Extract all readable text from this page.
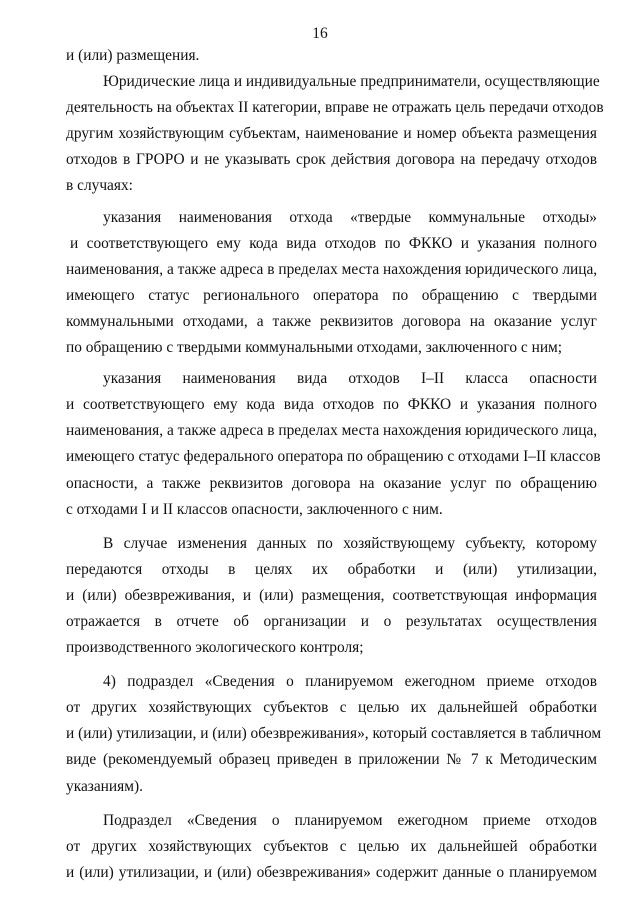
16
и (или) размещения.
Юридические лица и индивидуальные предприниматели, осуществляющие
деятельность на объектах II категории, вправе не отражать цель передачи отходов
другим хозяйствующим субъектам, наименование и номер объекта размещения
отходов в ГРОРО и не указывать срок действия договора на передачу отходов
в случаях:
указания наименования отхода «твердые коммунальные отходы»
и соответствующего ему кода вида отходов по ФККО и указания полного
наименования, а также адреса в пределах места нахождения юридического лица,
имеющего статус регионального оператора по обращению с твердыми
коммунальными отходами, а также реквизитов договора на оказание услуг
по обращению с твердыми коммунальными отходами, заключенного с ним;
указания наименования вида отходов I–II класса опасности
и соответствующего ему кода вида отходов по ФККО и указания полного
наименования, а также адреса в пределах места нахождения юридического лица,
имеющего статус федерального оператора по обращению с отходами I–II классов
опасности, а также реквизитов договора на оказание услуг по обращению
с отходами I и II классов опасности, заключенного с ним.
В случае изменения данных по хозяйствующему субъекту, которому
передаются отходы в целях их обработки и (или) утилизации,
и (или) обезвреживания, и (или) размещения, соответствующая информация
отражается в отчете об организации и о результатах осуществления
производственного экологического контроля;
4) подраздел «Сведения о планируемом ежегодном приеме отходов
от других хозяйствующих субъектов с целью их дальнейшей обработки
и (или) утилизации, и (или) обезвреживания», который составляется в табличном
виде (рекомендуемый образец приведен в приложении № 7 к Методическим
указаниям).
Подраздел «Сведения о планируемом ежегодном приеме отходов
от других хозяйствующих субъектов с целью их дальнейшей обработки
и (или) утилизации, и (или) обезвреживания» содержит данные о планируемом
